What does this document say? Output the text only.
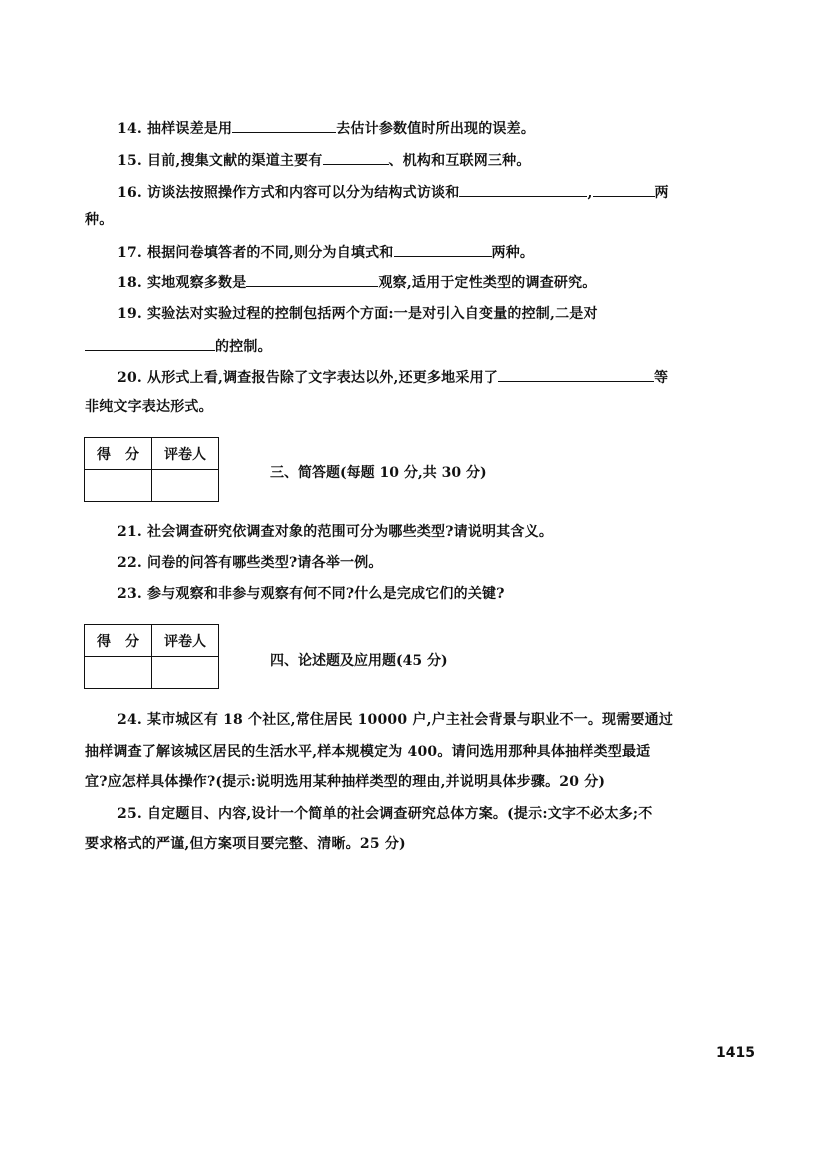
14. 抽样误差是用	去估计参数值时所出现的误差。
15. 目前,搜集文献的渠道主要有	、机构和互联网三种。
16. 访谈法按照操作方式和内容可以分为结构式访谈和	,	两
种。
17. 根据问卷填答者的不同,则分为自填式和	两种。
18. 实地观察多数是	观察,适用于定性类型的调查研究。
19. 实验法对实验过程的控制包括两个方面:一是对引入自变量的控制,二是对
的控制。
20. 从形式上看,调查报告除了文字表达以外,还更多地采用了	等
非纯文字表达形式。
得　分	评卷人

三、简答题(每题 10 分,共 30 分)
21. 社会调查研究依调查对象的范围可分为哪些类型?请说明其含义。
22. 问卷的问答有哪些类型?请各举一例。
23. 参与观察和非参与观察有何不同?什么是完成它们的关键?
得　分	评卷人

四、论述题及应用题(45 分)
24. 某市城区有 18 个社区,常住居民 10000 户,户主社会背景与职业不一。现需要通过
抽样调查了解该城区居民的生活水平,样本规模定为 400。请问选用那种具体抽样类型最适
宜?应怎样具体操作?(提示:说明选用某种抽样类型的理由,并说明具体步骤。20 分)
25. 自定题目、内容,设计一个简单的社会调查研究总体方案。(提示:文字不必太多;不
要求格式的严谨,但方案项目要完整、清晰。25 分)
1415
